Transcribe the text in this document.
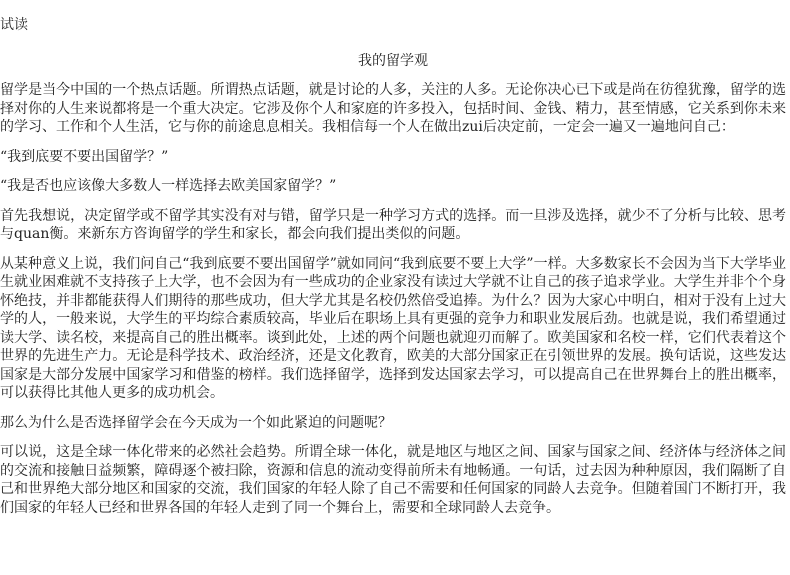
试读
我的留学观

留学是当今中国的一个热点话题。所谓热点话题，就是讨论的人多，关注的人多。无论你决心已下或是尚在彷徨犹豫，留学的选择对你的人生来说都将是一个重大决定。它涉及你个人和家庭的许多投入，包括时间、金钱、精力，甚至情感，它关系到你未来的学习、工作和个人生活，它与你的前途息息相关。我相信每一个人在做出zui后决定前，一定会一遍又一遍地问自己：

“我到底要不要出国留学？”

“我是否也应该像大多数人一样选择去欧美国家留学？”

首先我想说，决定留学或不留学其实没有对与错，留学只是一种学习方式的选择。而一旦涉及选择，就少不了分析与比较、思考与quan衡。来新东方咨询留学的学生和家长，都会向我们提出类似的问题。

从某种意义上说，我们问自己“我到底要不要出国留学”就如同问“我到底要不要上大学”一样。大多数家长不会因为当下大学毕业生就业困难就不支持孩子上大学，也不会因为有一些成功的企业家没有读过大学就不让自己的孩子追求学业。大学生并非个个身怀绝技，并非都能获得人们期待的那些成功，但大学尤其是名校仍然倍受追捧。为什么？因为大家心中明白，相对于没有上过大学的人，一般来说，大学生的平均综合素质较高，毕业后在职场上具有更强的竞争力和职业发展后劲。也就是说，我们希望通过读大学、读名校，来提高自己的胜出概率。谈到此处，上述的两个问题也就迎刃而解了。欧美国家和名校一样，它们代表着这个世界的先进生产力。无论是科学技术、政治经济，还是文化教育，欧美的大部分国家正在引领世界的发展。换句话说，这些发达国家是大部分发展中国家学习和借鉴的榜样。我们选择留学，选择到发达国家去学习，可以提高自己在世界舞台上的胜出概率，可以获得比其他人更多的成功机会。

那么为什么是否选择留学会在今天成为一个如此紧迫的问题呢？

可以说，这是全球一体化带来的必然社会趋势。所谓全球一体化，就是地区与地区之间、国家与国家之间、经济体与经济体之间的交流和接触日益频繁，障碍逐个被扫除，资源和信息的流动变得前所未有地畅通。一句话，过去因为种种原因，我们隔断了自己和世界绝大部分地区和国家的交流，我们国家的年轻人除了自己不需要和任何国家的同龄人去竞争。但随着国门不断打开，我们国家的年轻人已经和世界各国的年轻人走到了同一个舞台上，需要和全球同龄人去竞争。
